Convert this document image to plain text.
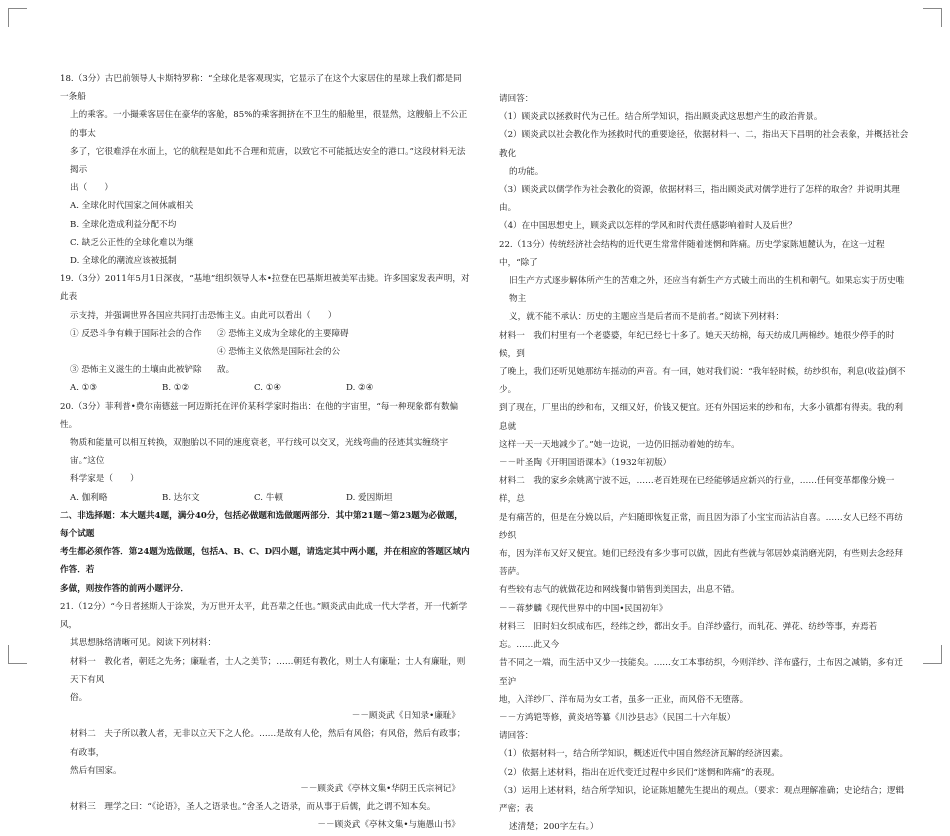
18.（3分）古巴前领导人卡斯特罗称：“全球化是客观现实，它显示了在这个大家居住的星球上我们都是同一条船

上的乘客。一小撮乘客居住在豪华的客舱，85%的乘客拥挤在不卫生的船舱里，很显然，这艘船上不公正的事太

多了，它很难浮在水面上，它的航程是如此不合理和荒唐，以致它不可能抵达安全的港口。”这段材料无法揭示

出（　　）

A. 全球化时代国家之间休戚相关

B. 全球化造成利益分配不均

C. 缺乏公正性的全球化难以为继

D. 全球化的潮流应该被抵制

19.（3分）2011年5月1日深夜，“基地”组织领导人本•拉登在巴基斯坦被美军击毙。许多国家发表声明，对此表

示支持，并强调世界各国应共同打击恐怖主义。由此可以看出（　　）

① 反恐斗争有赖于国际社会的合作 ② 恐怖主义成为全球化的主要障碍

③ 恐怖主义滋生的土壤由此被铲除④ 恐怖主义依然是国际社会的公敌。

A. ①③	B. ①②	C. ①④	D. ②④

20.（3分）菲利普•费尔南德兹一阿迈斯托在评价某科学家时指出：在他的宇宙里，“每一种现象都有数偏性。

物质和能量可以相互转换，双胞胎以不同的速度衰老，平行线可以交叉，光线弯曲的径迹其实缠绕宇宙。”这位

科学家是（　　）

A. 伽利略	B. 达尔文	C. 牛顿	D. 爱因斯坦

二、非选择题：本大题共4题，满分40分，包括必做题和选做题两部分．其中第21题～第23题为必做题，每个试题

考生都必须作答．第24题为选做题，包括A、B、C、D四小题，请选定其中两小题，并在相应的答题区域内作答．若

多做，则按作答的前两小题评分．

21.（12分）“今日者拯斯人于涂炭，为万世开太平，此吾辈之任也。”顾炎武由此成一代大学者，开一代新学风，

其思想脉络清晰可见。阅读下列材料：

材料一　教化者，朝廷之先务；廉耻者，士人之美节；……朝廷有教化，则士人有廉耻；士人有廉耻，则天下有风

俗。

－－顾炎武《日知录•廉耻》

材料二　夫子所以教人者，无非以立天下之人伦。……是故有人伦，然后有风俗；有风俗，然后有政事；有政事，

然后有国家。

－－顾炎武《亭林文集•华阴王氏宗祠记》

材料三　理学之曰：“《论语》，圣人之语录也。”舍圣人之语录，而从事于后儒，此之谓不知本矣。

－－顾炎武《亭林文集•与施愚山书》

请回答：

（1）顾炎武以拯救时代为己任。结合所学知识，指出顾炎武这思想产生的政治背景。

（2）顾炎武以社会教化作为拯救时代的重要途径，依据材料一、二，指出天下昌明的社会表象，并概括社会教化

的功能。

（3）顾炎武以儒学作为社会教化的资源，依据材料三，指出顾炎武对儒学进行了怎样的取舍？并说明其理由。

（4）在中国思想史上，顾炎武以怎样的学风和时代责任感影响着时人及后世？

22.（13分）传统经济社会结构的近代更生常常伴随着迷惘和阵痛。历史学家陈旭麓认为，在这一过程中，“除了

旧生产方式逐步解体所产生的苦难之外，还应当有新生产方式破土而出的生机和朝气。如果忘实于历史唯物主

义，就不能不承认：历史的主题应当是后者而不是前者。”阅读下列材料：

材料一　我们村里有一个老婆婆，年纪已经七十多了。她天天纺棉，每天纺成几两棉纱。她很少停手的时候，到

了晚上，我们还听见她那纺车摇动的声音。有一回，她对我们说：“我年轻时候，纺纱织布，利息(收益)倒不少。

到了现在，厂里出的纱和布，又细又好，价钱又便宜。还有外国运来的纱和布，大多小镇都有得卖。我的利息就

这样一天一天地减少了。”她一边说，一边仍旧摇动着她的纺车。

－－叶圣陶《开明国语课本》（1932年初版）

材料二　我的家乡余姚离宁波不远，……老百姓现在已经能够适应新兴的行业，……任何变革都像分娩一样，总

是有痛苦的，但是在分娩以后，产妇随即恢复正常，而且因为添了小宝宝而沾沾自喜。……女人已经不再纺纱织

布，因为洋布又好又便宜。她们已经没有多少事可以做，因此有些就与邻居妙桌消磨光阴，有些则去念经拜菩萨。

有些较有志气的就做花边和网线餐巾销售到美国去，出息不错。

－－蒋梦麟《现代世界中的中国•民国初年》

材料三　旧时妇女织成布匹，经纬之纱，都出女手。自洋纱盛行，而轧花、弹花、纺纱等事，弃焉若忘。……此又今

昔不同之一端，而生活中又少一技能矣。……女工本事纺织，今则洋纱、洋布盛行，土布因之减销，多有迁至沪

地，入洋纱厂、洋布局为女工者，虽多一正业，而风俗不无堕落。

－－方鸿铠等修，黄炎培等纂《川沙县志》（民国二十六年版）

请回答：

（1）依据材料一，结合所学知识，概述近代中国自然经济瓦解的经济因素。

（2）依据上述材料，指出在近代变迁过程中乡民们“迷惘和阵痛”的表现。

（3）运用上述材料，结合所学知识，论证陈旭麓先生提出的观点。（要求：观点理解准确；史论结合；逻辑严密；表

述清楚；200字左右。）
